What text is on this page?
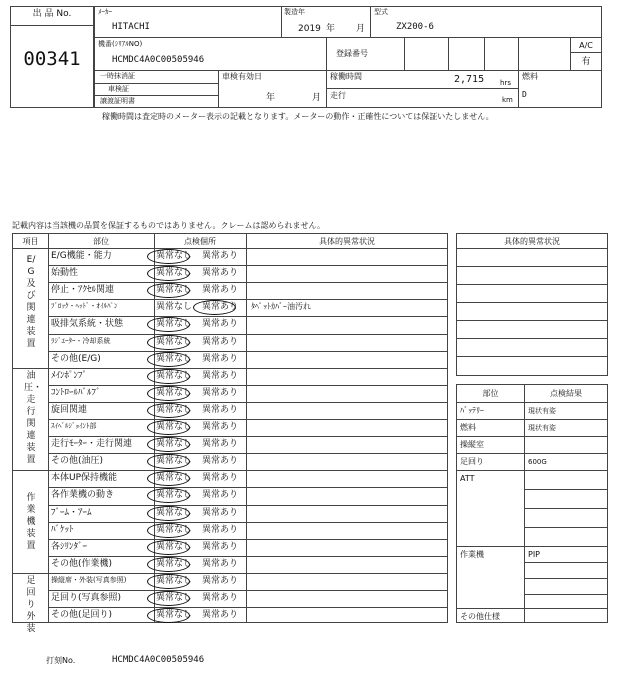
出 品 No.
00341
ﾒｰｶｰ
HITACHI
製造年
2019 年 月
型式
ZX200-6
機番(ｼﾘｱﾙNO)
HCMDC4A0C00505946
登録番号
A/C
有
一時抹消証
車検証
譲渡証明書
車検有効日
年	月
稼働時間	2,715 hrs
走行	km
燃料
D
稼働時間は査定時のメーター表示の記載となります。メーターの動作・正確性については保証いたしません。
記載内容は当該機の品質を保証するものではありません。クレームは認められません。
項目	部位	点検個所	具体的異常状況
E/G及び関連装置
E/G機能・能力	異常なし	異常あり
始動性	異常なし	異常あり
停止・ｱｸｾﾙ関連	異常なし	異常あり
ﾌﾞﾛｯｸ・ﾍｯﾄﾞ・ｵｲﾙﾊﾟﾝ	異常なし	異常あり	ﾀﾍﾟｯﾄｶﾊﾞｰ油汚れ
吸排気系統・状態	異常なし	異常あり
ﾗｼﾞｴｰﾀｰ・冷却系統	異常なし	異常あり
その他(E/G)	異常なし	異常あり
油圧・走行関連装置
ﾒｲﾝﾎﾟﾝﾌﾟ	異常なし	異常あり
ｺﾝﾄﾛｰﾙﾊﾞﾙﾌﾞ	異常なし	異常あり
旋回関連	異常なし	異常あり
ｽｲﾍﾞﾙｼﾞｮｲﾝﾄ部	異常なし	異常あり
走行ﾓｰﾀｰ・走行関連	異常なし	異常あり
その他(油圧)	異常なし	異常あり
作業機装置
本体UP保持機能	異常なし	異常あり
各作業機の動き	異常なし	異常あり
ﾌﾞｰﾑ・ｱｰﾑ	異常なし	異常あり
ﾊﾞｹｯﾄ	異常なし	異常あり
各ｼﾘﾝﾀﾞｰ	異常なし	異常あり
その他(作業機)	異常なし	異常あり
足回り外装
操縦席・外装(写真参照)	異常なし	異常あり
足回り(写真参照)	異常なし	異常あり
その他(足回り)	異常なし	異常あり
具体的異常状況
部位	点検結果
ﾊﾞｯﾃﾘｰ	現状有姿
燃料	現状有姿
操縦室
足回り	600G
ATT
作業機	PIP
その他仕様
打刻No.	HCMDC4A0C00505946
